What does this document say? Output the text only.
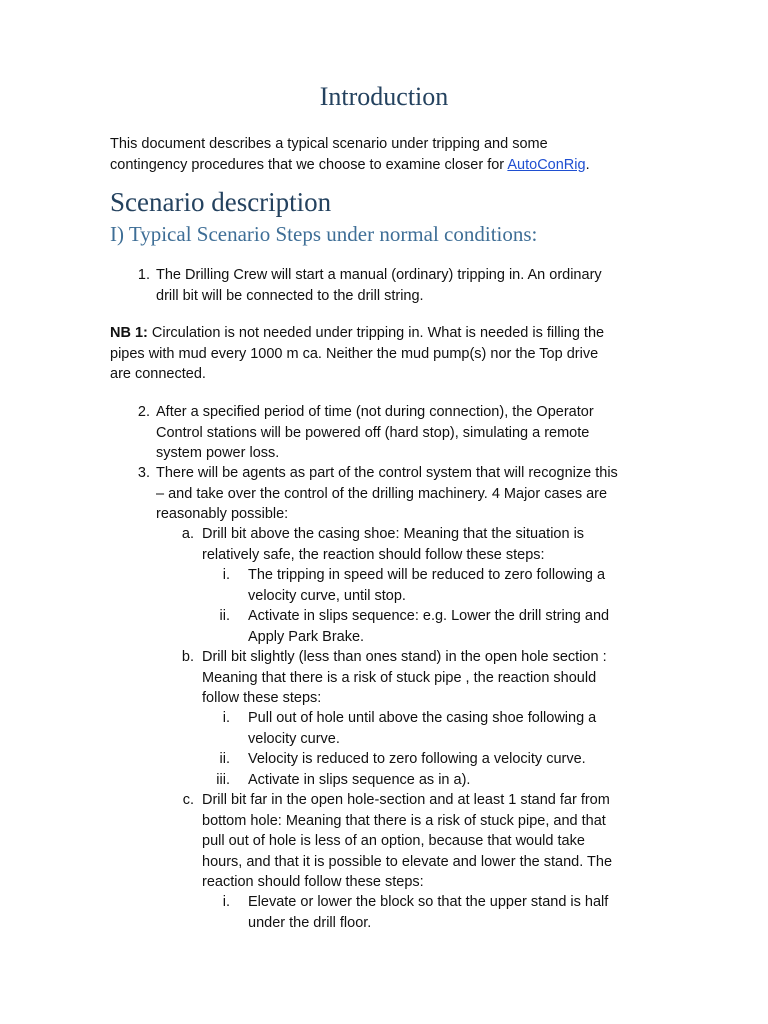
Introduction

This document describes a typical scenario under tripping and some
contingency procedures that we choose to examine closer for AutoConRig.

Scenario description
I) Typical Scenario Steps under normal conditions:
1. The Drilling Crew will start a manual (ordinary) tripping in. An ordinary
drill bit will be connected to the drill string.

NB 1: Circulation is not needed under tripping in. What is needed is filling the
pipes with mud every 1000 m ca. Neither the mud pump(s) nor the Top drive
are connected.

2. After a specified period of time (not during connection), the Operator
Control stations will be powered off (hard stop), simulating a remote
system power loss.
3. There will be agents as part of the control system that will recognize this
– and take over the control of the drilling machinery. 4 Major cases are
reasonably possible:
a. Drill bit above the casing shoe: Meaning that the situation is
relatively safe, the reaction should follow these steps:
i. The tripping in speed will be reduced to zero following a
velocity curve, until stop.
ii. Activate in slips sequence: e.g. Lower the drill string and
Apply Park Brake.
b. Drill bit slightly (less than ones stand) in the open hole section :
Meaning that there is a risk of stuck pipe , the reaction should
follow these steps:
i. Pull out of hole until above the casing shoe following a
velocity curve.
ii. Velocity is reduced to zero following a velocity curve.
iii. Activate in slips sequence as in a).
c. Drill bit far in the open hole-section and at least 1 stand far from
bottom hole: Meaning that there is a risk of stuck pipe, and that
pull out of hole is less of an option, because that would take
hours, and that it is possible to elevate and lower the stand. The
reaction should follow these steps:
i. Elevate or lower the block so that the upper stand is half
under the drill floor.
